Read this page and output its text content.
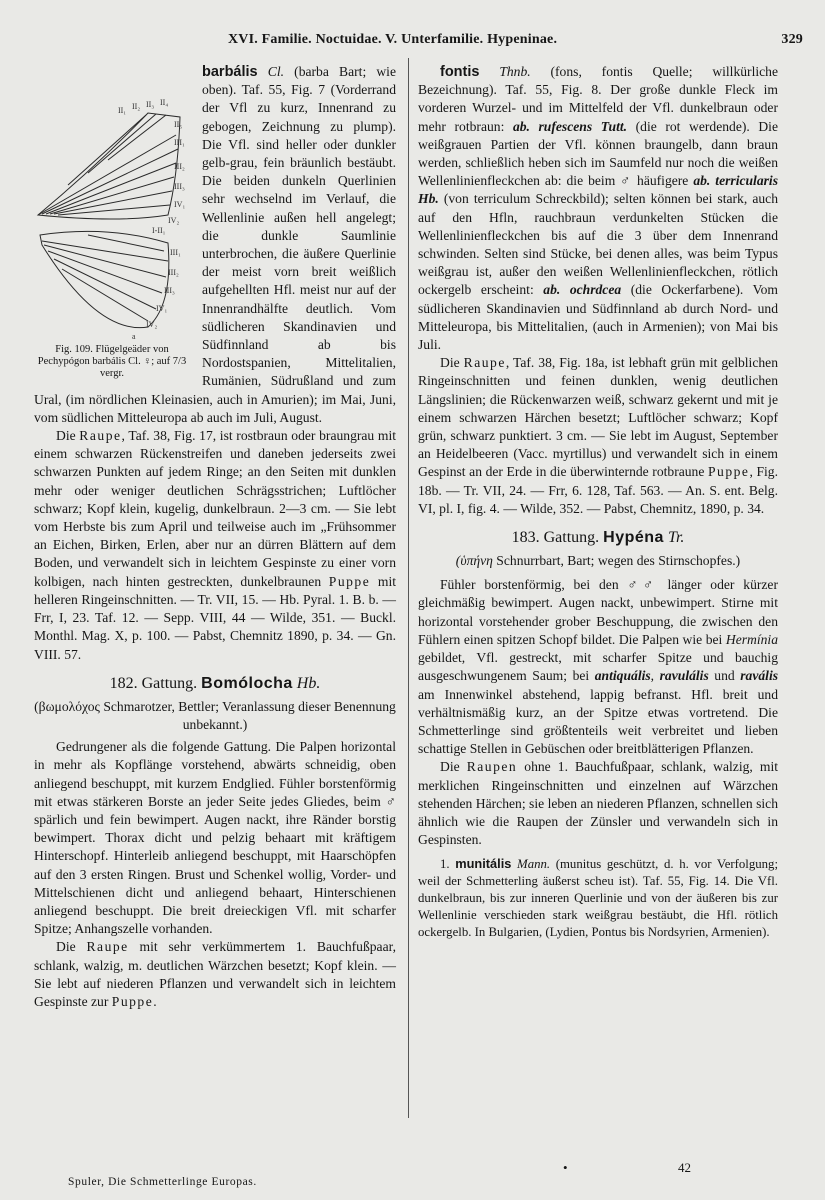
XVI. Familie. Noctuidae. V. Unterfamilie. Hypeninae.	329

barbális Cl.
II₁ II₂ II₃ II₄
II₅
III₁
III₂
III₃
IV₁
IV₂
I-II₁
III₁
III₂
III₃
IV₁
IV₂
a
Fig. 109. Flügelgeäder von Pechypógon barbális Cl. ♀; auf 7/3 vergr.
(barba Bart; wie oben). Taf. 55, Fig. 7 (Vorderrand der Vfl zu kurz, Innenrand zu gebogen, Zeichnung zu plump). Die Vfl. sind heller oder dunkler gelb-grau, fein bräunlich bestäubt. Die beiden dunkeln Querlinien sehr wechselnd im Verlauf, die Wellenlinie außen hell angelegt; die dunkle Saumlinie unterbrochen, die äußere Querlinie der meist vorn breit weißlich aufgehellten Hfl. meist nur auf der Innenrandhälfte deutlich. Vom südlicheren Skandinavien und Südfinnland ab bis Nordostspanien, Mittelitalien, Rumänien, Südrußland und zum Ural, (im nördlichen Kleinasien, auch in Amurien); im Mai, Juni, vom südlichen Mitteleuropa ab auch im Juli, August.

Die Raupe, Taf. 38, Fig. 17, ist rostbraun oder braungrau mit einem schwarzen Rückenstreifen und daneben jederseits zwei schwarzen Punkten auf jedem Ringe; an den Seiten mit dunklen mehr oder weniger deutlichen Schrägsstrichen; Luftlöcher schwarz; Kopf klein, kugelig, dunkelbraun. 2—3 cm. — Sie lebt vom Herbste bis zum April und teilweise auch im „Frühsommer an Eichen, Birken, Erlen, aber nur an dürren Blättern auf dem Boden, und verwandelt sich in leichtem Gespinste zu einer vorn kolbigen, nach hinten gestreckten, dunkelbraunen Puppe mit helleren Ringeinschnitten. — Tr. VII, 15. — Hb. Pyral. 1. B. b. — Frr, I, 23. Taf. 12. — Sepp. VIII, 44 — Wilde, 351. — Buckl. Monthl. Mag. X, p. 100. — Pabst, Chemnitz 1890, p. 34. — Gn. VIII. 57.

182. Gattung. Bomólocha Hb.

(βωμολόχος Schmarotzer, Bettler; Veranlassung dieser Benennung unbekannt.)

Gedrungener als die folgende Gattung. Die Palpen horizontal in mehr als Kopflänge vorstehend, abwärts schneidig, oben anliegend beschuppt, mit kurzem Endglied. Fühler borstenförmig mit etwas stärkeren Borste an jeder Seite jedes Gliedes, beim ♂ spärlich und fein bewimpert. Augen nackt, ihre Ränder borstig bewimpert. Thorax dicht und pelzig behaart mit kräftigem Hinterschopf. Hinterleib anliegend beschuppt, mit Haarschöpfen auf den 3 ersten Ringen. Brust und Schenkel wollig, Vorder- und Mittelschienen dicht und anliegend behaart, Hinterschienen anliegend beschuppt. Die breit dreieckigen Vfl. mit scharfer Spitze; Anhangszelle vorhanden.

Die Raupe mit sehr verkümmertem 1. Bauchfußpaar, schlank, walzig, m. deutlichen Wärzchen besetzt; Kopf klein. — Sie lebt auf niederen Pflanzen und verwandelt sich in leichtem Gespinste zur Puppe.

fontis Thnb. (fons, fontis Quelle; willkürliche Bezeichnung). Taf. 55, Fig. 8. Der große dunkle Fleck im vorderen Wurzel- und im Mittelfeld der Vfl. dunkelbraun oder mehr rotbraun: ab. rufescens Tutt. (die rot werdende). Die weißgrauen Partien der Vfl. können braungelb, dann braun werden, schließlich heben sich im Saumfeld nur noch die weißen Wellenlinienfleckchen ab: die beim ♂ häufigere ab. terricularis Hb. (von terriculum Schreckbild); selten können bei stark, auch auf den Hfln, rauchbraun verdunkelten Stücken die Wellenlinienfleckchen bis auf die 3 über dem Innenrand schwinden. Selten sind Stücke, bei denen alles, was beim Typus weißgrau ist, außer den weißen Wellenlinienfleckchen, rötlich ockergelb erscheint: ab. ochrdcea (die Ockerfarbene). Vom südlicheren Skandinavien und Südfinnland ab durch Nord- und Mitteleuropa, bis Mittelitalien, (auch in Armenien); von Mai bis Juli.

Die Raupe, Taf. 38, Fig. 18a, ist lebhaft grün mit gelblichen Ringeinschnitten und feinen dunklen, wenig deutlichen Längslinien; die Rückenwarzen weiß, schwarz gekernt und mit je einem schwarzen Härchen besetzt; Luftlöcher schwarz; Kopf grün, schwarz punktiert. 3 cm. — Sie lebt im August, September an Heidelbeeren (Vacc. myrtillus) und verwandelt sich in einem Gespinst an der Erde in die überwinternde rotbraune Puppe, Fig. 18b. — Tr. VII, 24. — Frr, 6. 128, Taf. 563. — An. S. ent. Belg. VI, pl. I, fig. 4. — Wilde, 352. — Pabst, Chemnitz, 1890, p. 34.

183. Gattung. Hypéna Tr.

(ὑπήνη Schnurrbart, Bart; wegen des Stirnschopfes.)

Fühler borstenförmig, bei den ♂♂ länger oder kürzer gleichmäßig bewimpert. Augen nackt, unbewimpert. Stirne mit horizontal vorstehender grober Beschuppung, die zwischen den Fühlern einen spitzen Schopf bildet. Die Palpen wie bei Hermínia gebildet, Vfl. gestreckt, mit scharfer Spitze und bauchig ausgeschwungenem Saum; bei antiquális, ravulális und ravális am Innenwinkel abstehend, lappig befranst. Hfl. breit und verhältnismäßig kurz, an der Spitze etwas vortretend. Die Schmetterlinge sind größtenteils weit verbreitet und lieben schattige Stellen in Gebüschen oder breitblätterigen Pflanzen.

Die Raupen ohne 1. Bauchfußpaar, schlank, walzig, mit merklichen Ringeinschnitten und einzelnen auf Wärzchen stehenden Härchen; sie leben an niederen Pflanzen, schnellen sich ähnlich wie die Raupen der Zünsler und verwandeln sich in Gespinsten.

1. munitális Mann. (munitus geschützt, d. h. vor Verfolgung; weil der Schmetterling äußerst scheu ist). Taf. 55, Fig. 14. Die Vfl. dunkelbraun, bis zur inneren Querlinie und von der äußeren bis zur Wellenlinie verschieden stark weißgrau bestäubt, die Hfl. rötlich ockergelb. In Bulgarien, (Lydien, Pontus bis Nordsyrien, Armenien).

Spuler, Die Schmetterlinge Europas.
•	42
